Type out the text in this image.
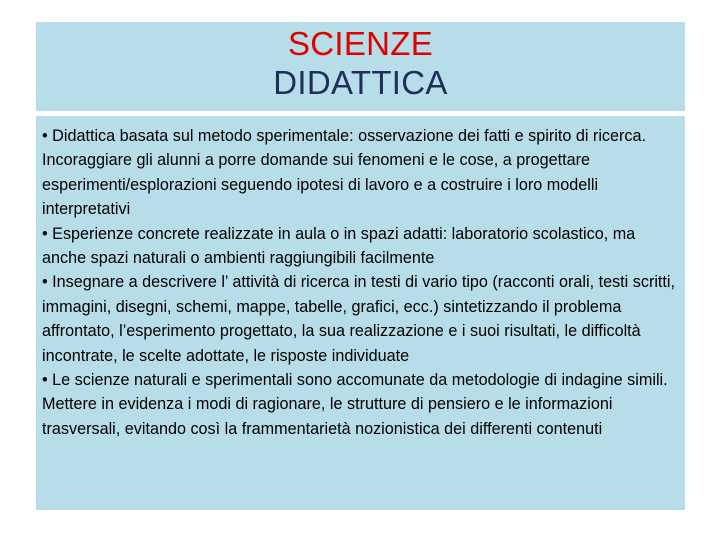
SCIENZE
DIDATTICA

• Didattica basata sul metodo sperimentale: osservazione dei fatti e spirito di ricerca. Incoraggiare gli alunni a porre domande sui fenomeni e le cose, a progettare esperimenti/esplorazioni seguendo ipotesi di lavoro e a costruire i loro modelli interpretativi

• Esperienze concrete realizzate in aula o in spazi adatti: laboratorio scolastico, ma anche spazi naturali o ambienti raggiungibili facilmente

• Insegnare a descrivere l’ attività di ricerca in testi di vario tipo (racconti orali, testi scritti, immagini, disegni, schemi, mappe, tabelle, grafici, ecc.) sintetizzando il problema affrontato, l’esperimento progettato, la sua realizzazione e i suoi risultati, le difficoltà incontrate, le scelte adottate, le risposte individuate

• Le scienze naturali e sperimentali sono accomunate da metodologie di indagine simili. Mettere in evidenza i modi di ragionare, le strutture di pensiero e le informazioni trasversali, evitando così la frammentarietà nozionistica dei differenti contenuti
